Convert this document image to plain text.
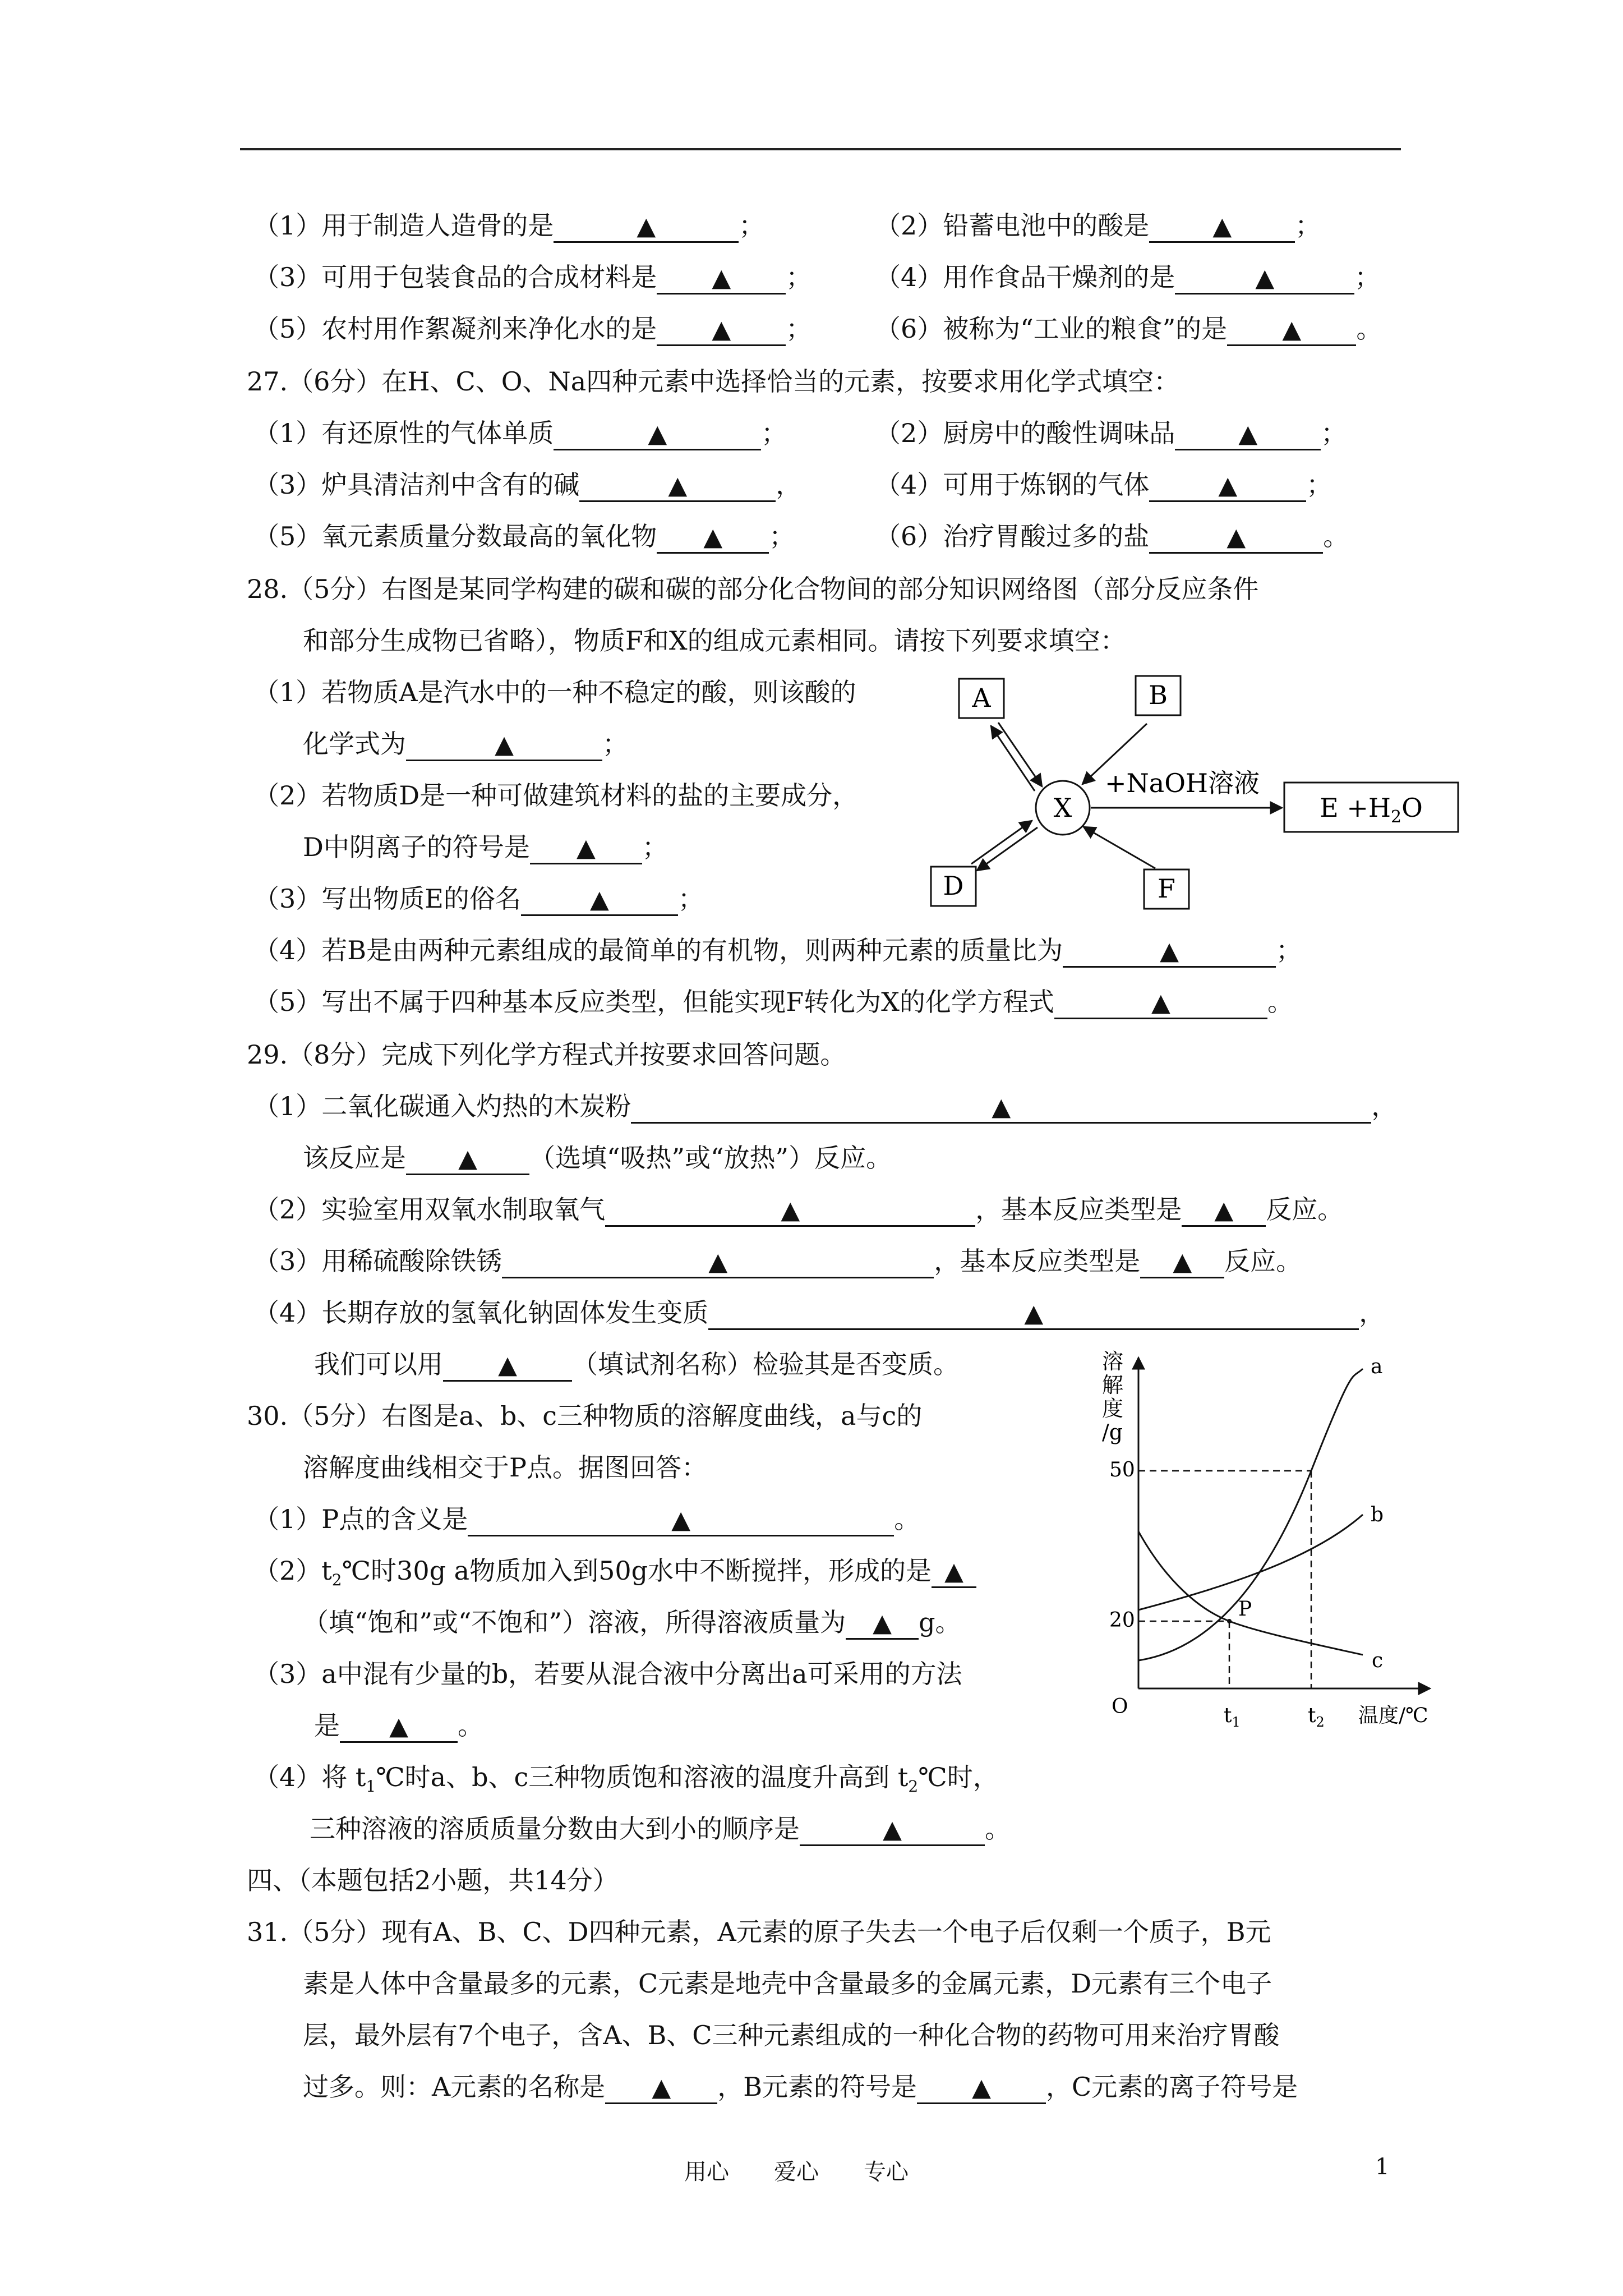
（1）用于制造人造骨的是	▲	；	（2）铅蓄电池中的酸是	▲ ；
（3）可用于包装食品的合成材料是 ▲ ； （4）用作食品干燥剂的是	▲	；
（5）农村用作絮凝剂来净化水的是 ▲ ； （6）被称为“工业的粮食”的是 ▲ 。
27.（6分）在H、C、O、Na四种元素中选择恰当的元素，按要求用化学式填空：
（1）有还原性的气体单质	▲	；	（2）厨房中的酸性调味品	▲ ；
（3）炉具清洁剂中含有的碱	▲	，	（4）可用于炼钢的气体	▲	；
（5）氧元素质量分数最高的氧化物 ▲ ；	（6）治疗胃酸过多的盐	▲	。
28.（5分）右图是某同学构建的碳和碳的部分化合物间的部分知识网络图（部分反应条件
和部分生成物已省略），物质F和X的组成元素相同。请按下列要求填空：
（1）若物质A是汽水中的一种不稳定的酸，则该酸的
化学式为	▲	；
（2）若物质D是一种可做建筑材料的盐的主要成分，
D中阴离子的符号是 ▲ ；
（3）写出物质E的俗名	▲	；
（4）若B是由两种元素组成的最简单的有机物，则两种元素的质量比为	▲	；
（5）写出不属于四种基本反应类型，但能实现F转化为X的化学方程式	▲	。
A	B
X
D	F
$E +H_2O$
+NaOH溶液
29.（8分）完成下列化学方程式并按要求回答问题。
（1）二氧化碳通入灼热的木炭粉	▲	，
该反应是 ▲ （选填“吸热”或“放热”）反应。
（2）实验室用双氧水制取氧气	▲	，基本反应类型是 ▲ 反应。
（3）用稀硫酸除铁锈	▲	，基本反应类型是 ▲ 反应。
（4）长期存放的氢氧化钠固体发生变质	▲	，
我们可以用 ▲ （填试剂名称）检验其是否变质。
30.（5分）右图是a、b、c三种物质的溶解度曲线，a与c的
溶解度曲线相交于P点。据图回答：
（1）P点的含义是	▲	。
$(2)t_2℃$时30g a物质加入到50g水中不断搅拌，形成的是 ▲
（填“饱和”或“不饱和”）溶液，所得溶液质量为 ▲ g。
（3）a中混有少量的b，若要从混合液中分离出a可采用的方法
是 ▲ 。
（4）将 $t_1℃$时a、b、c三种物质饱和溶液的温度升高到 $t_2℃$时，
三种溶液的溶质质量分数由大到小的顺序是	▲	。
溶解度/g
O
50
20
$t_1$	$t_2$ 温度/℃
a
b
c
P
四、（本题包括2小题，共14分）
31.（5分）现有A、B、C、D四种元素，A元素的原子失去一个电子后仅剩一个质子，B元
素是人体中含量最多的元素，C元素是地壳中含量最多的金属元素，D元素有三个电子
层，最外层有7个电子，含A、B、C三种元素组成的一种化合物的药物可用来治疗胃酸
过多。则：A元素的名称是 ▲ ，B元素的符号是 ▲ ，C元素的离子符号是
用心 爱心 专心	1
